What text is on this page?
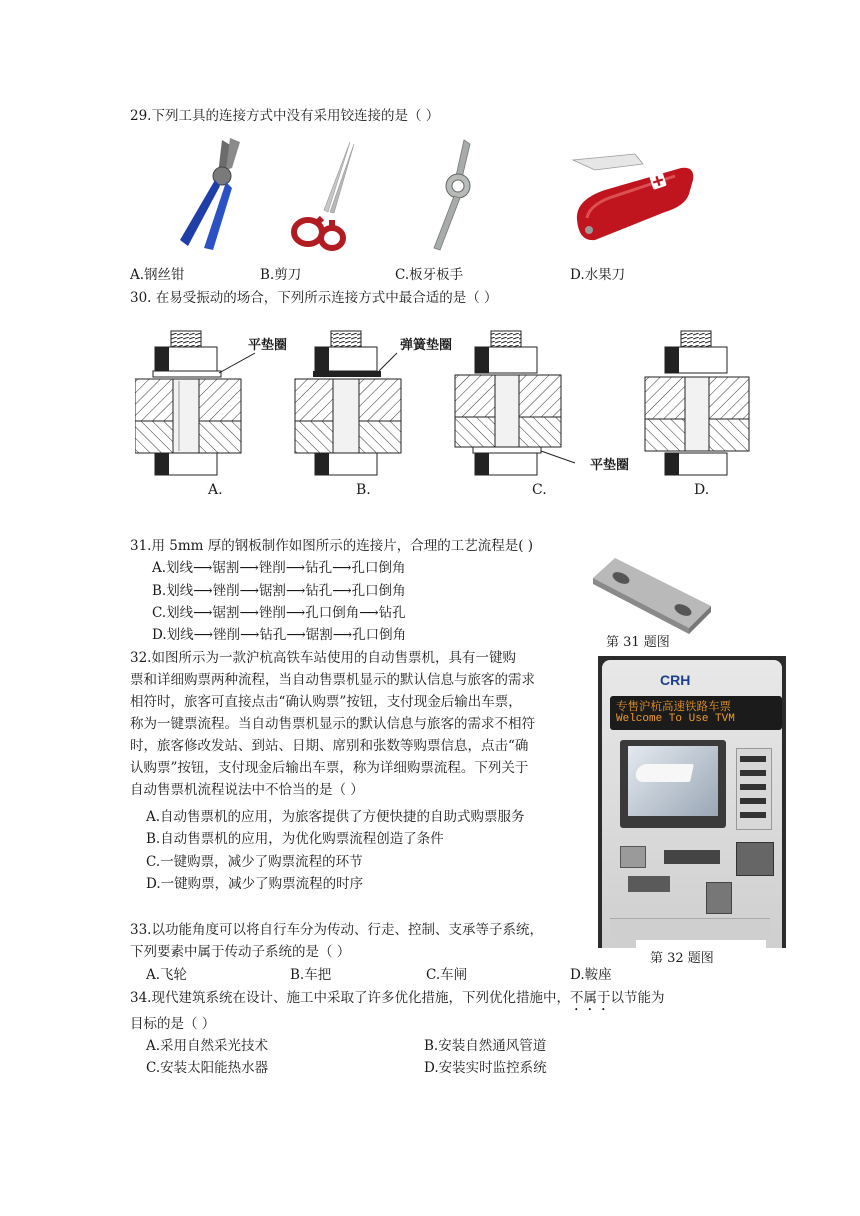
29.下列工具的连接方式中没有采用铰连接的是（ ）
A.钢丝钳	B.剪刀	C.板牙板手	D.水果刀
30. 在易受振动的场合，下列所示连接方式中最合适的是（ ）
平垫圈	弹簧垫圈
平垫圈
A.	B.	C.	D.
31.用 5mm 厚的钢板制作如图所示的连接片，合理的工艺流程是( )
A.划线⟶锯割⟶锉削⟶钻孔⟶孔口倒角
B.划线⟶锉削⟶锯割⟶钻孔⟶孔口倒角
C.划线⟶锯割⟶锉削⟶孔口倒角⟶钻孔
D.划线⟶锉削⟶钻孔⟶锯割⟶孔口倒角	第 31 题图
32.如图所示为一款沪杭高铁车站使用的自动售票机，具有一键购
票和详细购票两种流程，当自动售票机显示的默认信息与旅客的需求
相符时，旅客可直接点击“确认购票”按钮，支付现金后输出车票，
称为一键票流程。当自动售票机显示的默认信息与旅客的需求不相符
时，旅客修改发站、到站、日期、席别和张数等购票信息，点击“确
认购票”按钮，支付现金后输出车票，称为详细购票流程。下列关于
自动售票机流程说法中不恰当的是（ ）
A.自动售票机的应用，为旅客提供了方便快捷的自助式购票服务
B.自动售票机的应用，为优化购票流程创造了条件
C.一键购票，减少了购票流程的环节
D.一键购票，减少了购票流程的时序
CRH
专售沪杭高速铁路车票
Welcome To Use TVM
第 32 题图
33.以功能角度可以将自行车分为传动、行走、控制、支承等子系统，
下列要素中属于传动子系统的是（ ）
A.飞轮	B.车把	C.车闸	D.鞍座
34.现代建筑系统在设计、施工中采取了许多优化措施，下列优化措施中，不属于以节能为
目标的是（ ）
A.采用自然采光技术	B.安装自然通风管道
C.安装太阳能热水器	D.安装实时监控系统
